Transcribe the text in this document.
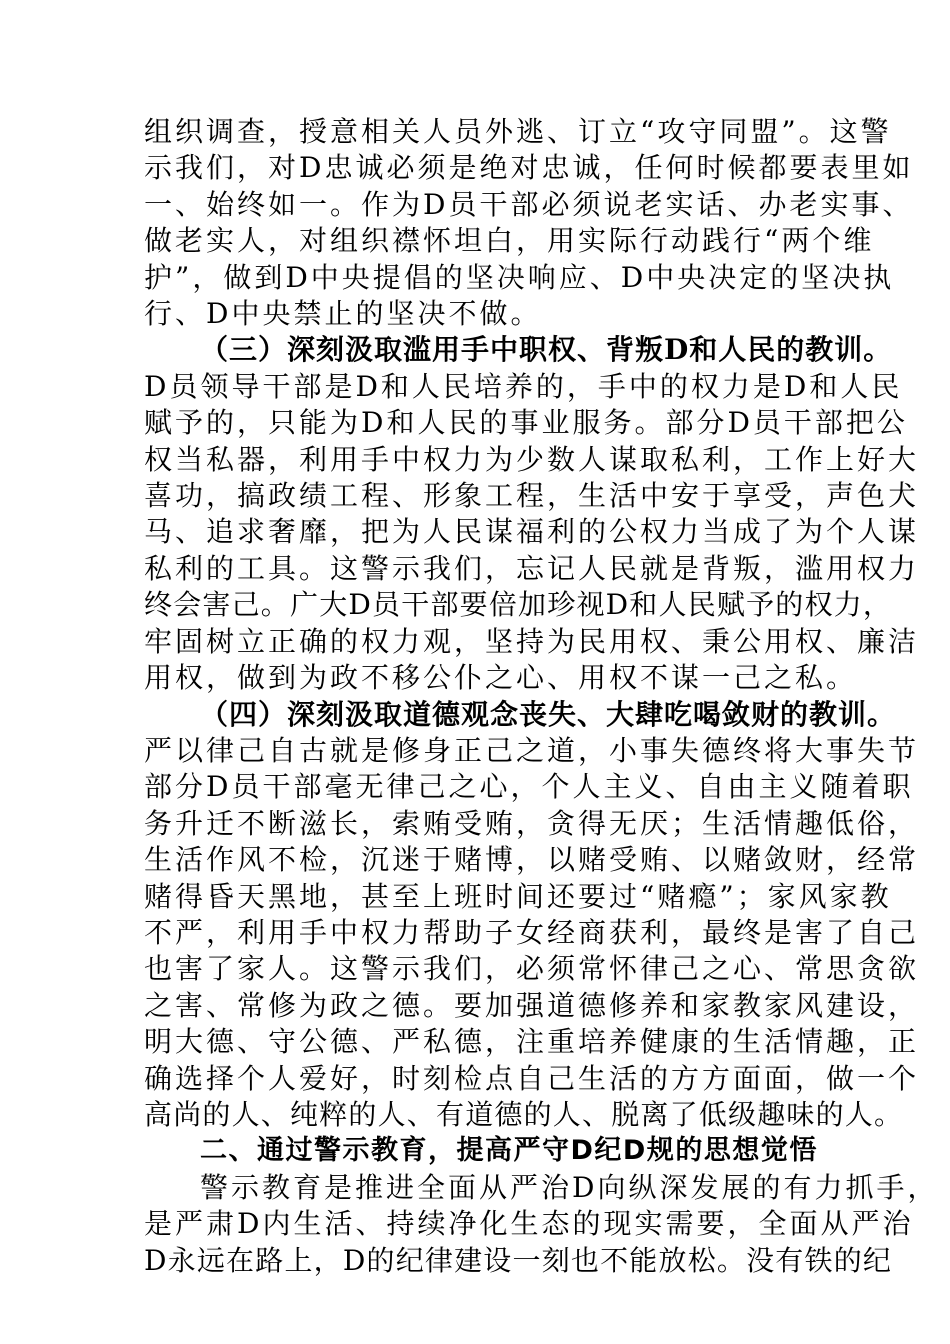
组织调查，授意相关人员外逃、订立“攻守同盟”。这警

示我们，对D忠诚必须是绝对忠诚，任何时候都要表里如

一、始终如一。作为D员干部必须说老实话、办老实事、

做老实人，对组织襟怀坦白，用实际行动践行“两个维

护”，做到D中央提倡的坚决响应、D中央决定的坚决执

行、D中央禁止的坚决不做。

（三）深刻汲取滥用手中职权、背叛D和人民的教训。

D员领导干部是D和人民培养的，手中的权力是D和人民

赋予的，只能为D和人民的事业服务。部分D员干部把公

权当私器，利用手中权力为少数人谋取私利，工作上好大

喜功，搞政绩工程、形象工程，生活中安于享受，声色犬

马、追求奢靡，把为人民谋福利的公权力当成了为个人谋

私利的工具。这警示我们，忘记人民就是背叛，滥用权力

终会害己。广大D员干部要倍加珍视D和人民赋予的权力，

牢固树立正确的权力观，坚持为民用权、秉公用权、廉洁

用权，做到为政不移公仆之心、用权不谋一己之私。

（四）深刻汲取道德观念丧失、大肆吃喝敛财的教训。

严以律己自古就是修身正己之道，小事失德终将大事失节

部分D员干部毫无律己之心，个人主义、自由主义随着职

务升迁不断滋长，索贿受贿，贪得无厌；生活情趣低俗，

生活作风不检，沉迷于赌博，以赌受贿、以赌敛财，经常

赌得昏天黑地，甚至上班时间还要过“赌瘾”；家风家教

不严，利用手中权力帮助子女经商获利，最终是害了自己

也害了家人。这警示我们，必须常怀律己之心、常思贪欲

之害、常修为政之德。要加强道德修养和家教家风建设，

明大德、守公德、严私德，注重培养健康的生活情趣，正

确选择个人爱好，时刻检点自己生活的方方面面，做一个

高尚的人、纯粹的人、有道德的人、脱离了低级趣味的人。

二、通过警示教育，提高严守D纪D规的思想觉悟

警示教育是推进全面从严治D向纵深发展的有力抓手，

是严肃D内生活、持续净化生态的现实需要，全面从严治

D永远在路上，D的纪律建设一刻也不能放松。没有铁的纪
